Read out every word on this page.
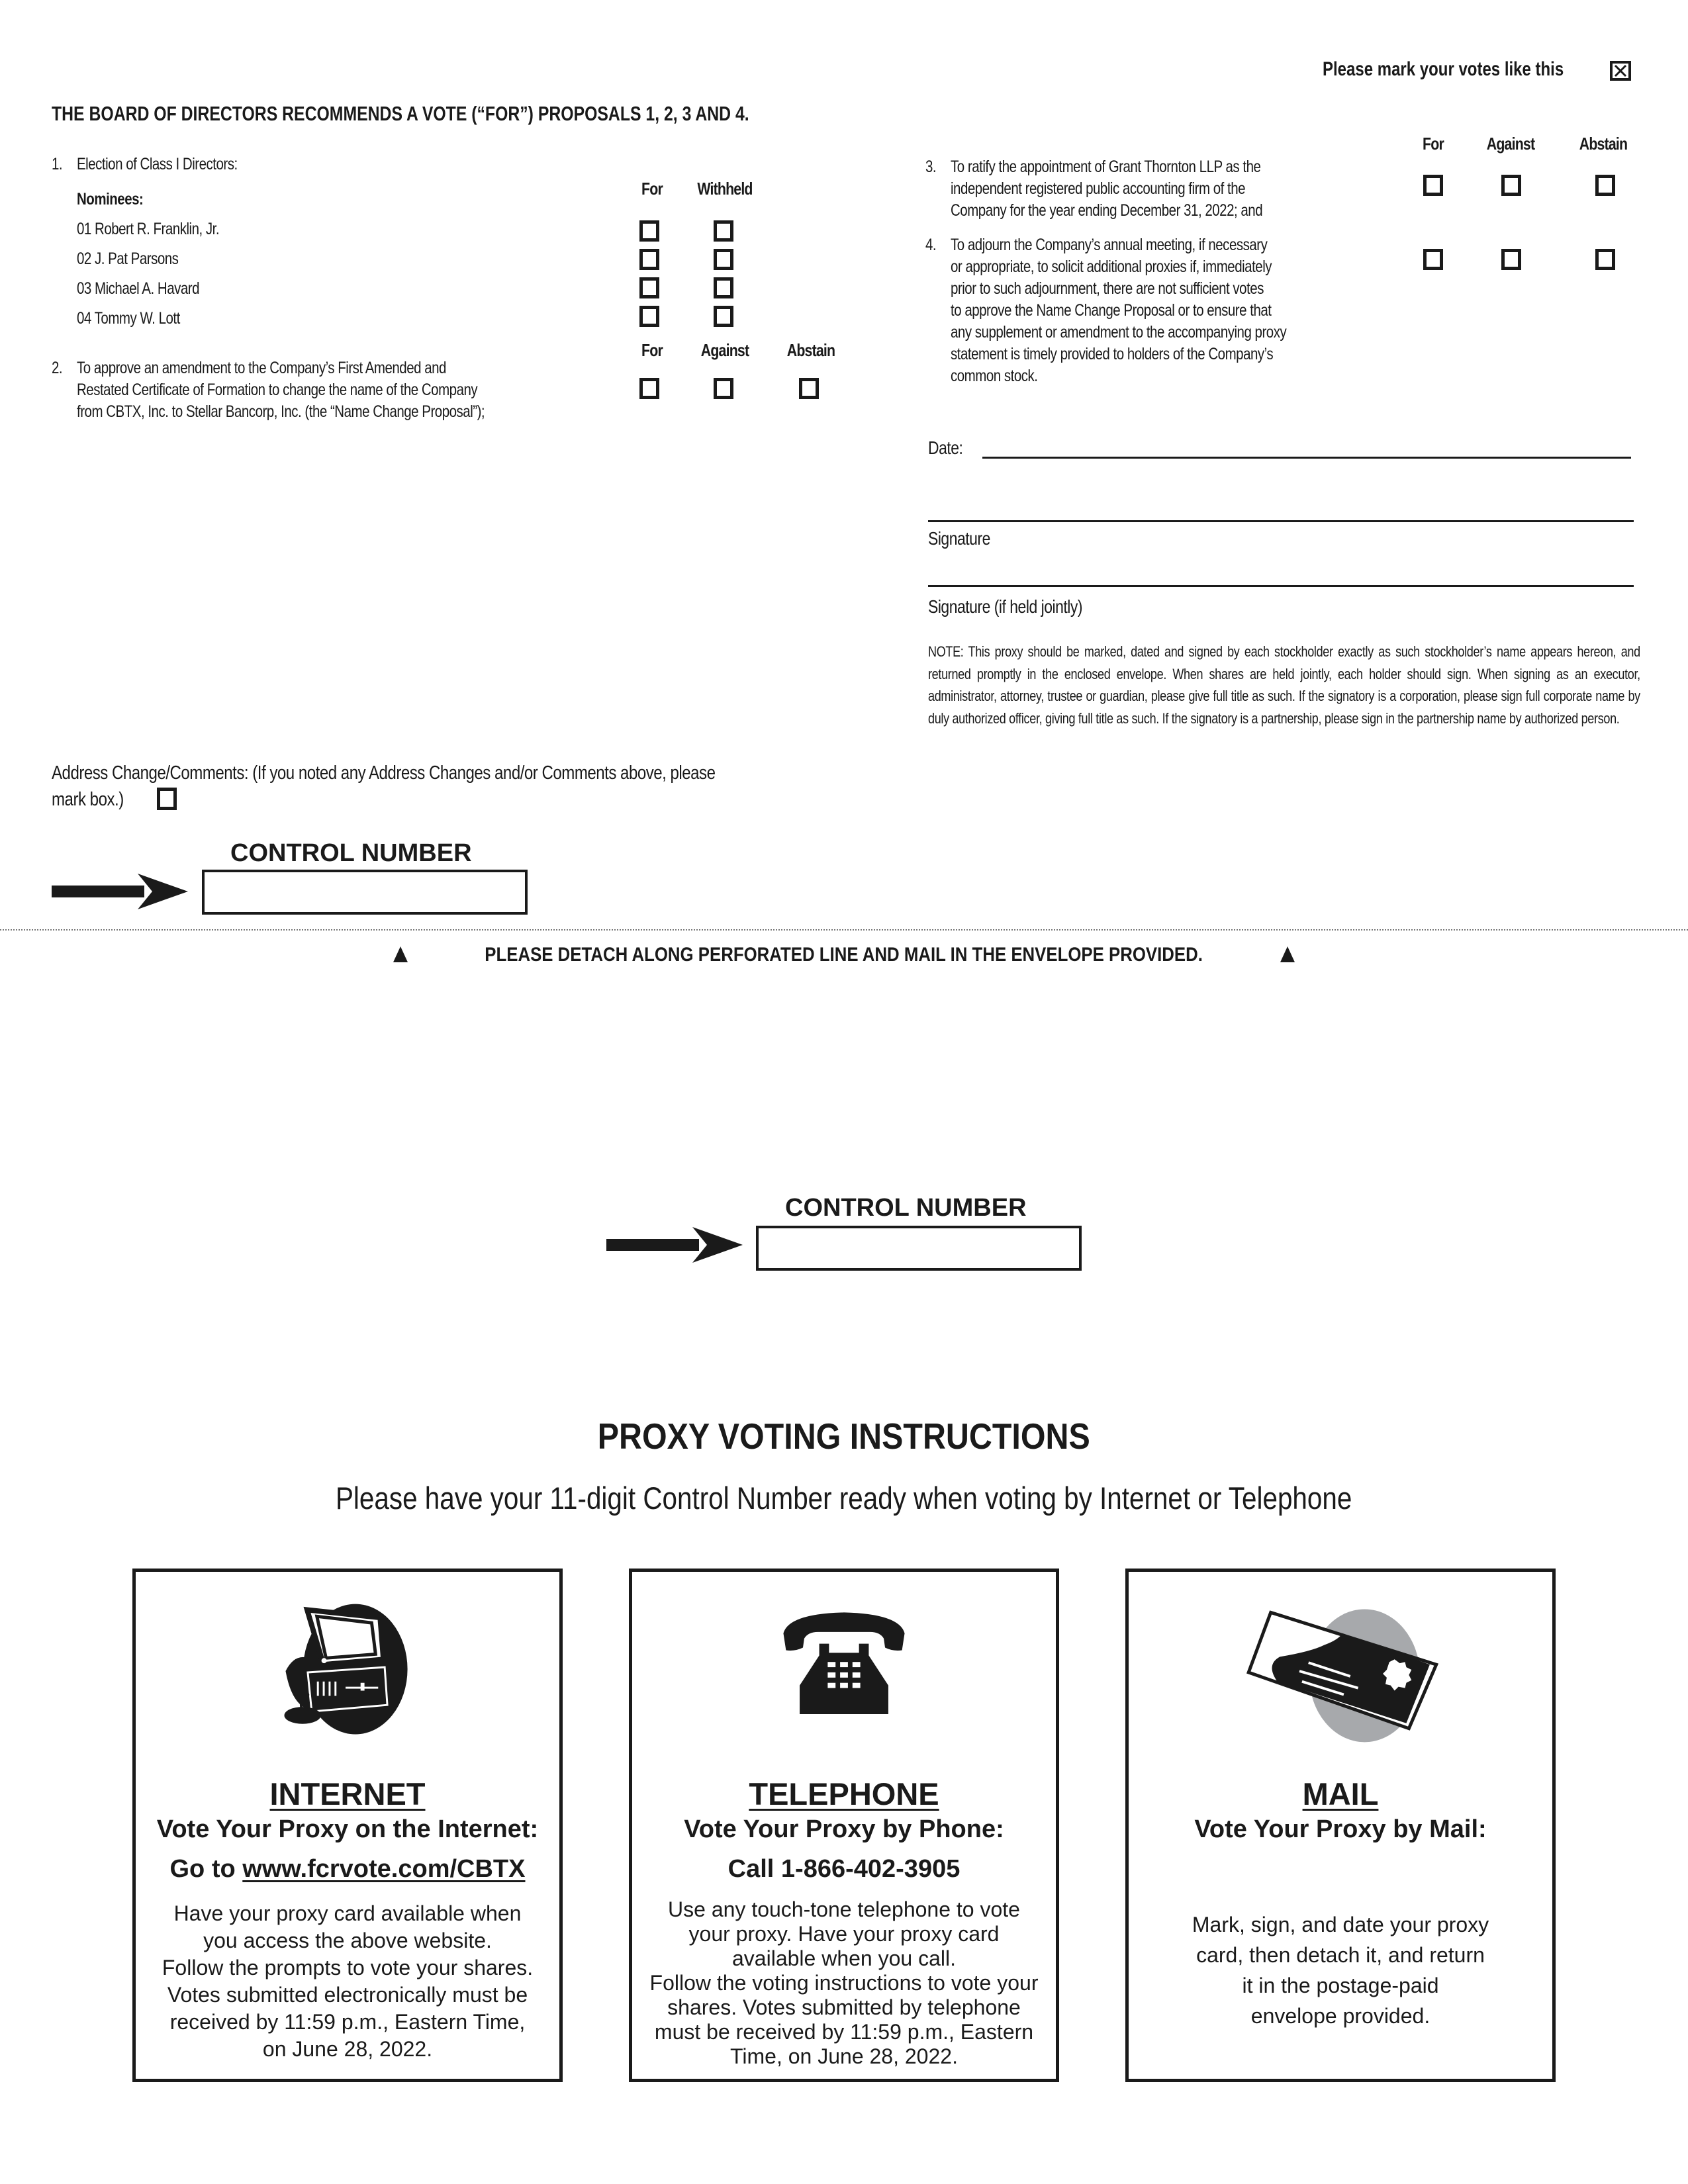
Please mark your votes like this
THE BOARD OF DIRECTORS RECOMMENDS A VOTE (“FOR”) PROPOSALS 1, 2, 3 AND 4.
1. Election of Class I Directors:
Nominees:
For	Withheld
01 Robert R. Franklin, Jr.
02 J. Pat Parsons
03 Michael A. Havard
04 Tommy W. Lott
For	Against	Abstain
2. To approve an amendment to the Company’s First Amended and
Restated Certificate of Formation to change the name of the Company
from CBTX, Inc. to Stellar Bancorp, Inc. (the “Name Change Proposal”);
For	Against	Abstain
3. To ratify the appointment of Grant Thornton LLP as the
independent registered public accounting firm of the
Company for the year ending December 31, 2022; and
4. To adjourn the Company’s annual meeting, if necessary
or appropriate, to solicit additional proxies if, immediately
prior to such adjournment, there are not sufficient votes
to approve the Name Change Proposal or to ensure that
any supplement or amendment to the accompanying proxy
statement is timely provided to holders of the Company’s
common stock.
Date:
Signature
Signature (if held jointly)
NOTE: This proxy should be marked, dated and signed by each stockholder exactly as such stockholder’s name appears hereon, and returned promptly in the enclosed envelope. When shares are held jointly, each holder should sign. When signing as an executor, administrator, attorney, trustee or guardian, please give full title as such. If the signatory is a corporation, please sign full corporate name by duly authorized officer, giving full title as such. If the signatory is a partnership, please sign in the partnership name by authorized person.
Address Change/Comments: (If you noted any Address Changes and/or Comments above, please
mark box.)
CONTROL NUMBER
PLEASE DETACH ALONG PERFORATED LINE AND MAIL IN THE ENVELOPE PROVIDED.
CONTROL NUMBER
PROXY VOTING INSTRUCTIONS
Please have your 11-digit Control Number ready when voting by Internet or Telephone
INTERNET
Vote Your Proxy on the Internet:
Go to www.fcrvote.com/CBTX
Have your proxy card available when
you access the above website.
Follow the prompts to vote your shares.
Votes submitted electronically must be
received by 11:59 p.m., Eastern Time,
on June 28, 2022.
TELEPHONE
Vote Your Proxy by Phone:
Call 1-866-402-3905
Use any touch-tone telephone to vote
your proxy. Have your proxy card
available when you call.
Follow the voting instructions to vote your
shares. Votes submitted by telephone
must be received by 11:59 p.m., Eastern
Time, on June 28, 2022.
MAIL
Vote Your Proxy by Mail:
Mark, sign, and date your proxy
card, then detach it, and return
it in the postage-paid
envelope provided.
